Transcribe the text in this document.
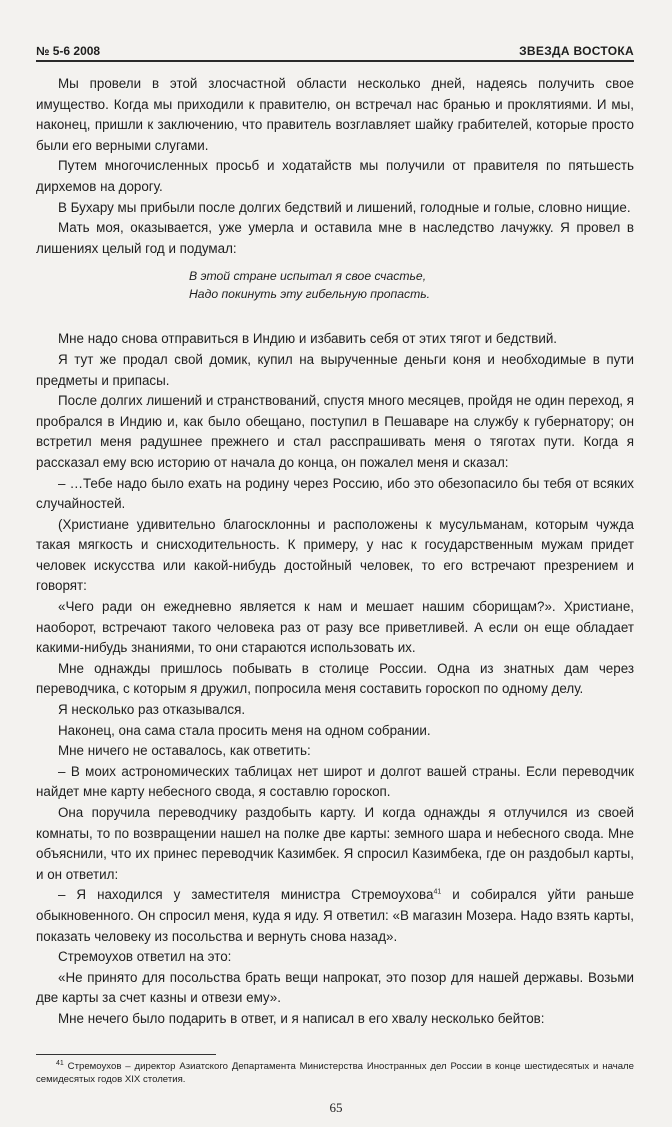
№ 5-6 2008	ЗВЕЗДА ВОСТОКА

Мы провели в этой злосчастной области несколько дней, надеясь получить свое имущество. Когда мы приходили к правителю, он встречал нас бранью и проклятиями. И мы, наконец, пришли к заключению, что правитель возглавляет шайку грабителей, которые просто были его верными слугами.

Путем многочисленных просьб и ходатайств мы получили от правителя по пятьшесть дирхемов на дорогу.

В Бухару мы прибыли после долгих бедствий и лишений, голодные и голые, словно нищие.

Мать моя, оказывается, уже умерла и оставила мне в наследство лачужку. Я провел в лишениях целый год и подумал:

В этой стране испытал я свое счастье,
Надо покинуть эту гибельную пропасть.

Мне надо снова отправиться в Индию и избавить себя от этих тягот и бедствий.

Я тут же продал свой домик, купил на вырученные деньги коня и необходимые в пути предметы и припасы.

После долгих лишений и странствований, спустя много месяцев, пройдя не один переход, я пробрался в Индию и, как было обещано, поступил в Пешаваре на службу к губернатору; он встретил меня радушнее прежнего и стал расспрашивать меня о тяготах пути. Когда я рассказал ему всю историю от начала до конца, он пожалел меня и сказал:

– …Тебе надо было ехать на родину через Россию, ибо это обезопасило бы тебя от всяких случайностей.

(Христиане удивительно благосклонны и расположены к мусульманам, которым чужда такая мягкость и снисходительность. К примеру, у нас к государственным мужам придет человек искусства или какой-нибудь достойный человек, то его встречают презрением и говорят:

«Чего ради он ежедневно является к нам и мешает нашим сборищам?». Христиане, наоборот, встречают такого человека раз от разу все приветливей. А если он еще обладает какими-нибудь знаниями, то они стараются использовать их.

Мне однажды пришлось побывать в столице России. Одна из знатных дам через переводчика, с которым я дружил, попросила меня составить гороскоп по одному делу.

Я несколько раз отказывался.

Наконец, она сама стала просить меня на одном собрании.

Мне ничего не оставалось, как ответить:

– В моих астрономических таблицах нет широт и долгот вашей страны. Если переводчик найдет мне карту небесного свода, я составлю гороскоп.

Она поручила переводчику раздобыть карту. И когда однажды я отлучился из своей комнаты, то по возвращении нашел на полке две карты: земного шара и небесного свода. Мне объяснили, что их принес переводчик Казимбек. Я спросил Казимбека, где он раздобыл карты, и он ответил:

– Я находился у заместителя министра Стремоухова$^{41}$ и собирался уйти раньше обыкновенного. Он спросил меня, куда я иду. Я ответил: «В магазин Мозера. Надо взять карты, показать человеку из посольства и вернуть снова назад».

Стремоухов ответил на это:

«Не принято для посольства брать вещи напрокат, это позор для нашей державы. Возьми две карты за счет казны и отвези ему».

Мне нечего было подарить в ответ, и я написал в его хвалу несколько бейтов:

$^{41}$ Стремоухов – директор Азиатского Департамента Министерства Иностранных дел России в конце шестидесятых и начале семидесятых годов XIX столетия.
65
